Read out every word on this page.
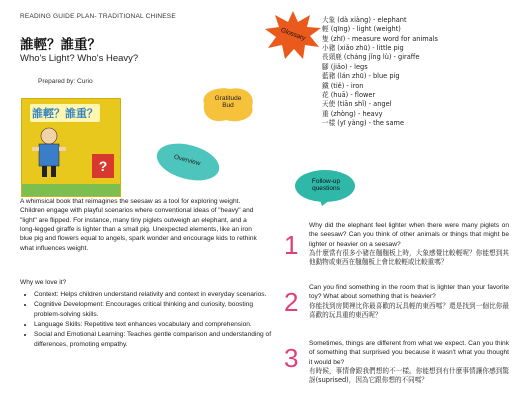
READING GUIDE PLAN- TRADITIONAL CHINESE
誰輕？誰重？
Who's Light? Who's Heavy?
Prepared by: Curio
誰輕？誰重？
?
Gratitude Bud
Overview
A whimsical book that reimagines the seesaw as a tool for exploring weight. Children engage with playful scenarios where conventional ideas of "heavy" and "light" are flipped. For instance, many tiny piglets outweigh an elephant, and a long-legged giraffe is lighter than a small pig. Unexpected elements, like an iron blue pig and flowers equal to angels, spark wonder and encourage kids to rethink what influences weight.
Why we love it?
• Context: Helps children understand relativity and context in everyday scenarios.
• Cognitive Development: Encourages critical thinking and curiosity, boosting problem-solving skills.
• Language Skills: Repetitive text enhances vocabulary and comprehension.
• Social and Emotional Learning: Teaches gentle comparison and understanding of differences, promoting empathy.
Glossary
大象 (dà xiàng) - elephant
輕 (qīng) - light (weight)
隻 (zhī) - measure word for animals
小豬 (xiǎo zhū) - little pig
長頸鹿 (cháng jǐng lù) - giraffe
腳 (jiǎo) - legs
藍豬 (lán zhū) - blue pig
鐵 (tiě) - iron
花 (huā) - flower
天使 (tiān shǐ) - angel
重 (zhòng) - heavy
一樣 (yī yàng) - the same
Follow-up questions
1
Why did the elephant feel lighter when there were many piglets on the seesaw? Can you think of other animals or things that might be lighter or heavier on a seesaw?
為什麼當有很多小豬在翹翹板上時，大象感覺比較輕呢？你能想到其他動物或東西在翹翹板上會比較輕或比較重嗎？
2 Can you find something in the room that is lighter than your favorite toy? What about something that is heavier?
你能找到房間裡比你最喜歡的玩具輕的東西嗎？還是找到一個比你最喜歡的玩具重的東西呢？
3 Sometimes, things are different from what we expect. Can you think of something that surprised you because it wasn't what you thought it would be?
有時候，事情會跟我們想的不一樣。你能想到有什麼事情讓你感到驚訝(suprised)，因為它跟你想的不同嗎？
